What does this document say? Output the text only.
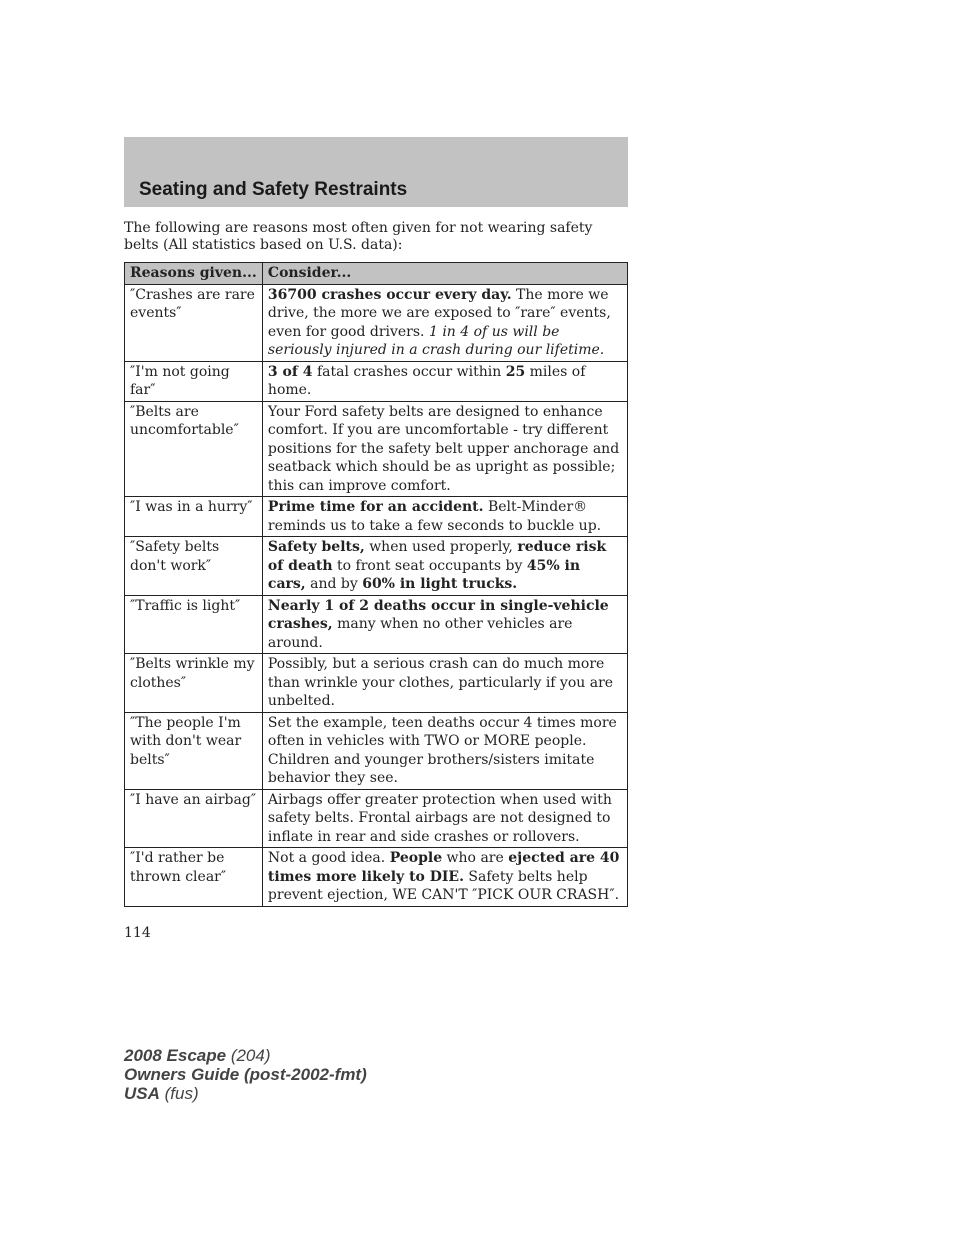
Seating and Safety Restraints
The following are reasons most often given for not wearing safety belts (All statistics based on U.S. data):
Reasons given...	Consider...
″Crashes are rare events″	36700 crashes occur every day. The more we drive, the more we are exposed to ″rare″ events, even for good drivers. 1 in 4 of us will be seriously injured in a crash during our lifetime.
″I'm not going far″	3 of 4 fatal crashes occur within 25 miles of home.
″Belts are uncomfortable″	Your Ford safety belts are designed to enhance comfort. If you are uncomfortable - try different positions for the safety belt upper anchorage and seatback which should be as upright as possible; this can improve comfort.
″I was in a hurry″	Prime time for an accident. Belt-Minder® reminds us to take a few seconds to buckle up.
″Safety belts don't work″	Safety belts, when used properly, reduce risk of death to front seat occupants by 45% in cars, and by 60% in light trucks.
″Traffic is light″	Nearly 1 of 2 deaths occur in single-vehicle crashes, many when no other vehicles are around.
″Belts wrinkle my clothes″	Possibly, but a serious crash can do much more than wrinkle your clothes, particularly if you are unbelted.
″The people I'm with don't wear belts″	Set the example, teen deaths occur 4 times more often in vehicles with TWO or MORE people. Children and younger brothers/sisters imitate behavior they see.
″I have an airbag″	Airbags offer greater protection when used with safety belts. Frontal airbags are not designed to inflate in rear and side crashes or rollovers.
″I'd rather be thrown clear″	Not a good idea. People who are ejected are 40 times more likely to DIE. Safety belts help prevent ejection, WE CAN'T ″PICK OUR CRASH″.
114
2008 Escape (204)
Owners Guide (post-2002-fmt)
USA (fus)
